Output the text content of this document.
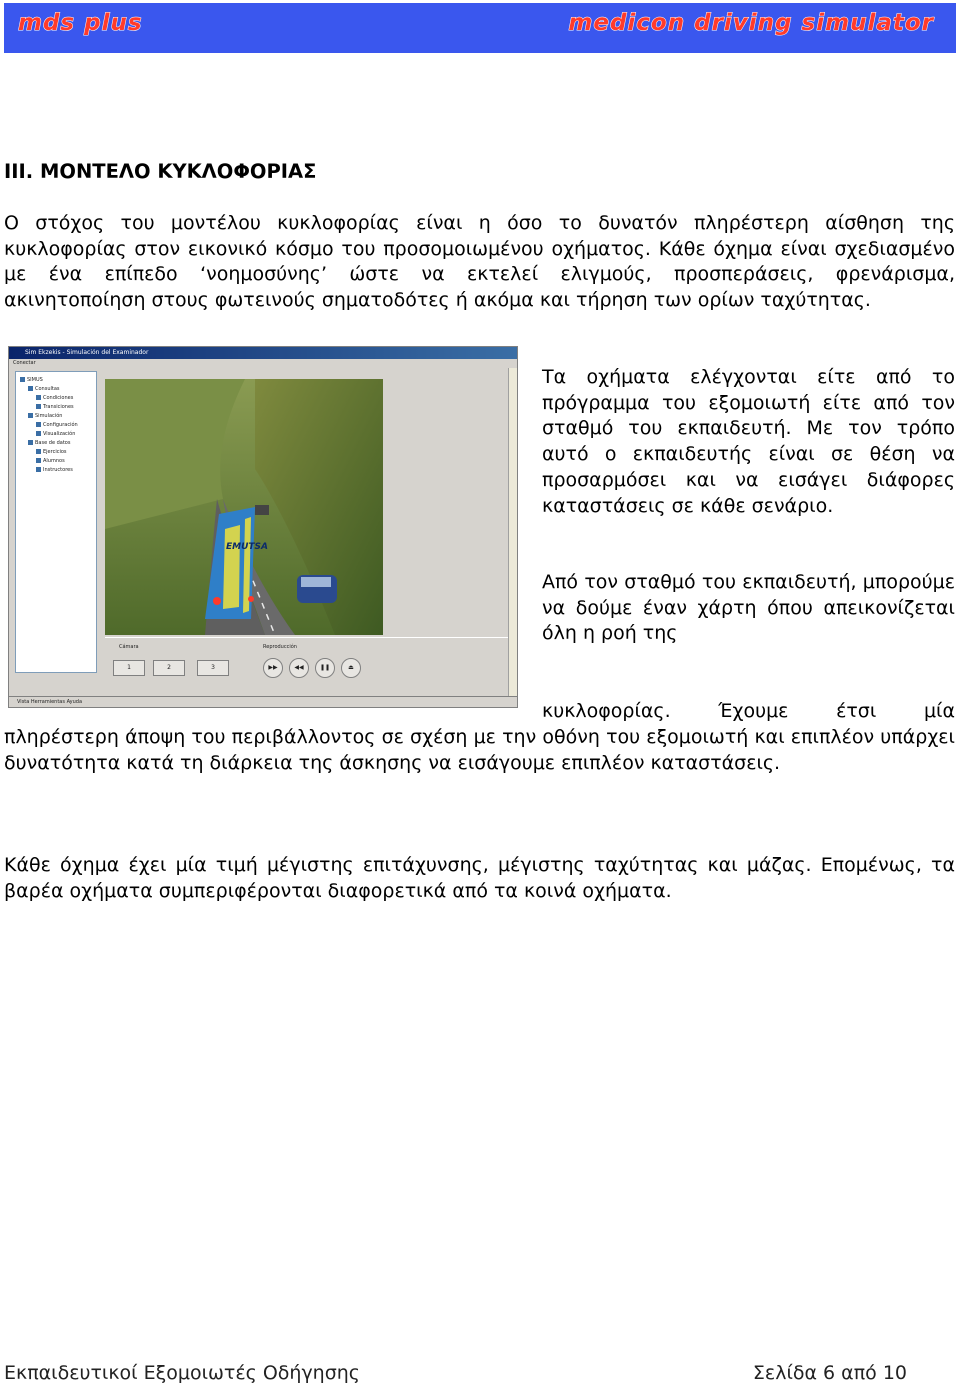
mds plus	medicon driving simulator

III. ΜΟΝΤΕΛΟ ΚΥΚΛΟΦΟΡΙΑΣ

Ο στόχος του μοντέλου κυκλοφορίας είναι η όσο το δυνατόν πληρέστερη αίσθηση της κυκλοφορίας στον εικονικό κόσμο του προσομοιωμένου οχήματος. Κάθε όχημα είναι σχεδιασμένο με ένα επίπεδο ‘νοημοσύνης’ ώστε να εκτελεί ελιγμούς, προσπεράσεις, φρενάρισμα, ακινητοποίηση στους φωτεινούς σηματοδότες ή ακόμα και τήρηση των ορίων ταχύτητας.

Sim Ekzekis - Simulación del Examinador
Conectar
SIMUS
Consultas
Condiciones
Transiciones
Simulación
Configuración
Visualización
Base de datos
Ejercicios
Alumnos
Instructores
EMUTSA
Cámara
1	2	3
Reproducción
▶▶	◀◀	❚❚	⏏
Vista Herramientas Ayuda

Τα οχήματα ελέγχονται είτε από το πρόγραμμα του εξομοιωτή είτε από τον σταθμό του εκπαιδευτή. Με τον τρόπο αυτό ο εκπαιδευτής είναι σε θέση να προσαρμόσει και να εισάγει διάφορες καταστάσεις σε κάθε σενάριο.

Από τον σταθμό του εκπαιδευτή, μπορούμε να δούμε έναν χάρτη όπου απεικονίζεται όλη η ροή της

κυκλοφορίας. Έχουμε έτσι μία

πληρέστερη άποψη του περιβάλλοντος σε σχέση με την οθόνη του εξομοιωτή και επιπλέον υπάρχει δυνατότητα κατά τη διάρκεια της άσκησης να εισάγουμε επιπλέον καταστάσεις.

Κάθε όχημα έχει μία τιμή μέγιστης επιτάχυνσης, μέγιστης ταχύτητας και μάζας. Επομένως, τα βαρέα οχήματα συμπεριφέρονται διαφορετικά από τα κοινά οχήματα.

Εκπαιδευτικοί Εξομοιωτές Οδήγησης	Σελίδα 6 από 10
